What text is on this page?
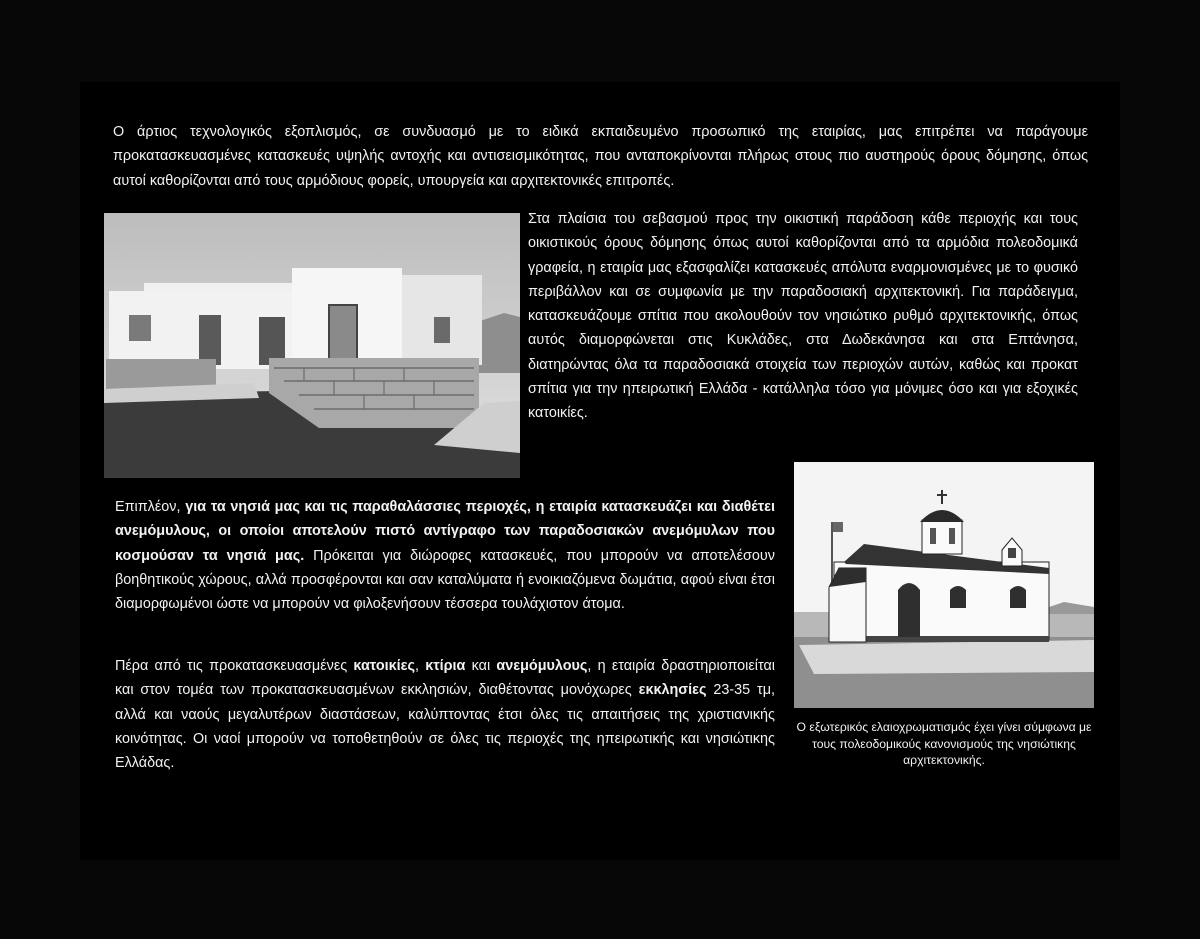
Ο άρτιος τεχνολογικός εξοπλισμός, σε συνδυασμό με το ειδικά εκπαιδευμένο προσωπικό της εταιρίας, μας επιτρέπει να παράγουμε προκατασκευασμένες κατασκευές υψηλής αντοχής και αντισεισμικότητας, που ανταποκρίνονται πλήρως στους πιο αυστηρούς όρους δόμησης, όπως αυτοί καθορίζονται από τους αρμόδιους φορείς, υπουργεία και αρχιτεκτονικές επιτροπές.

Στα πλαίσια του σεβασμού προς την οικιστική παράδοση κάθε περιοχής και τους οικιστικούς όρους δόμησης όπως αυτοί καθορίζονται από τα αρμόδια πολεοδομικά γραφεία, η εταιρία μας εξασφαλίζει κατασκευές απόλυτα εναρμονισμένες με το φυσικό περιβάλλον και σε συμφωνία με την παραδοσιακή αρχιτεκτονική. Για παράδειγμα, κατασκευάζουμε σπίτια που ακολουθούν τον νησιώτικο ρυθμό αρχιτεκτονικής, όπως αυτός διαμορφώνεται στις Κυκλάδες, στα Δωδεκάνησα και στα Επτάνησα, διατηρώντας όλα τα παραδοσιακά στοιχεία των περιοχών αυτών, καθώς και προκατ σπίτια για την ηπειρωτική Ελλάδα - κατάλληλα τόσο για μόνιμες όσο και για εξοχικές κατοικίες.

Επιπλέον, για τα νησιά μας και τις παραθαλάσσιες περιοχές, η εταιρία κατασκευάζει και διαθέτει ανεμόμυλους, οι οποίοι αποτελούν πιστό αντίγραφο των παραδοσιακών ανεμόμυλων που κοσμούσαν τα νησιά μας. Πρόκειται για διώροφες κατασκευές, που μπορούν να αποτελέσουν βοηθητικούς χώρους, αλλά προσφέρονται και σαν καταλύματα ή ενοικιαζόμενα δωμάτια, αφού είναι έτσι διαμορφωμένοι ώστε να μπορούν να φιλοξενήσουν τέσσερα τουλάχιστον άτομα.

Πέρα από τις προκατασκευασμένες κατοικίες, κτίρια και ανεμόμυλους, η εταιρία δραστηριοποιείται και στον τομέα των προκατασκευασμένων εκκλησιών, διαθέτοντας μονόχωρες εκκλησίες 23-35 τμ, αλλά και ναούς μεγαλυτέρων διαστάσεων, καλύπτοντας έτσι όλες τις απαιτήσεις της χριστιανικής κοινότητας. Οι ναοί μπορούν να τοποθετηθούν σε όλες τις περιοχές της ηπειρωτικής και νησιώτικης Ελλάδας.

Ο εξωτερικός ελαιοχρωματισμός έχει γίνει σύμφωνα με τους πολεοδομικούς κανονισμούς της νησιώτικης αρχιτεκτονικής.
